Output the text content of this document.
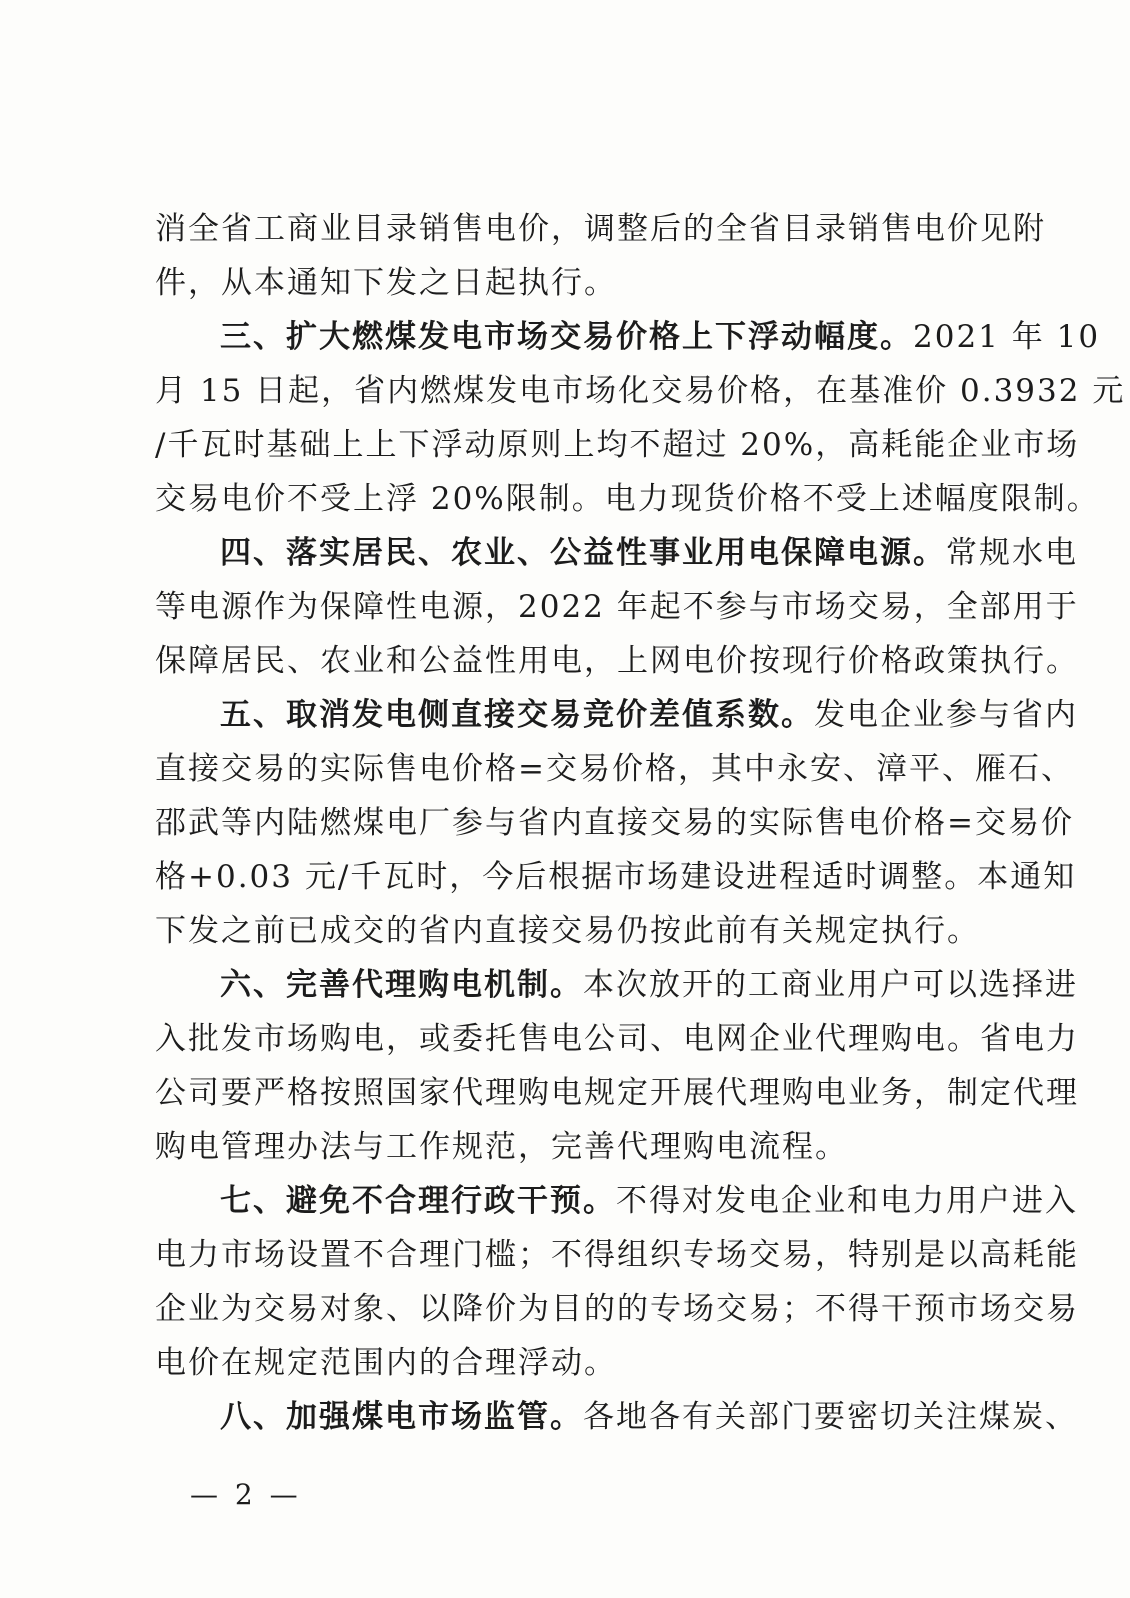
消全省工商业目录销售电价，调整后的全省目录销售电价见附
件，从本通知下发之日起执行。
三、扩大燃煤发电市场交易价格上下浮动幅度。2021 年 10
月 15 日起，省内燃煤发电市场化交易价格，在基准价 0.3932 元
/千瓦时基础上上下浮动原则上均不超过 20%，高耗能企业市场
交易电价不受上浮 20%限制。电力现货价格不受上述幅度限制。
四、落实居民、农业、公益性事业用电保障电源。常规水电
等电源作为保障性电源，2022 年起不参与市场交易，全部用于
保障居民、农业和公益性用电，上网电价按现行价格政策执行。
五、取消发电侧直接交易竞价差值系数。发电企业参与省内
直接交易的实际售电价格=交易价格，其中永安、漳平、雁石、
邵武等内陆燃煤电厂参与省内直接交易的实际售电价格=交易价
格+0.03 元/千瓦时，今后根据市场建设进程适时调整。本通知
下发之前已成交的省内直接交易仍按此前有关规定执行。
六、完善代理购电机制。本次放开的工商业用户可以选择进
入批发市场购电，或委托售电公司、电网企业代理购电。省电力
公司要严格按照国家代理购电规定开展代理购电业务，制定代理
购电管理办法与工作规范，完善代理购电流程。
七、避免不合理行政干预。不得对发电企业和电力用户进入
电力市场设置不合理门槛；不得组织专场交易，特别是以高耗能
企业为交易对象、以降价为目的的专场交易；不得干预市场交易
电价在规定范围内的合理浮动。
八、加强煤电市场监管。各地各有关部门要密切关注煤炭、
— 2 —
